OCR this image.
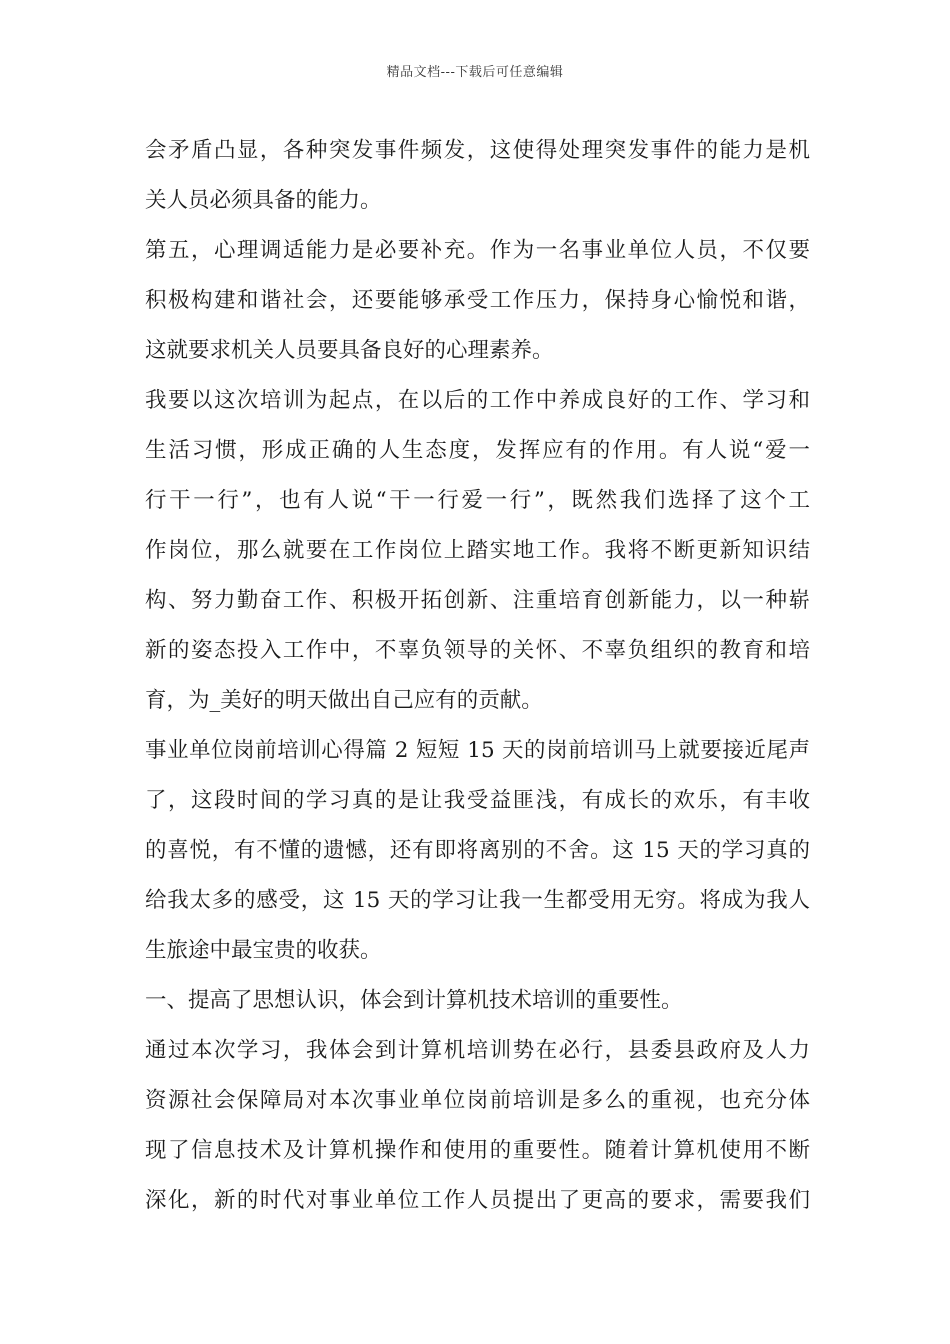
精品文档---下载后可任意编辑
会矛盾凸显，各种突发事件频发，这使得处理突发事件的能力是机
关人员必须具备的能力。
第五，心理调适能力是必要补充。作为一名事业单位人员，不仅要
积极构建和谐社会，还要能够承受工作压力，保持身心愉悦和谐，
这就要求机关人员要具备良好的心理素养。
我要以这次培训为起点，在以后的工作中养成良好的工作、学习和
生活习惯，形成正确的人生态度，发挥应有的作用。有人说“爱一
行干一行”，也有人说“干一行爱一行”，既然我们选择了这个工
作岗位，那么就要在工作岗位上踏实地工作。我将不断更新知识结
构、努力勤奋工作、积极开拓创新、注重培育创新能力，以一种崭
新的姿态投入工作中，不辜负领导的关怀、不辜负组织的教育和培
育，为_美好的明天做出自己应有的贡献。
事业单位岗前培训心得篇 2 短短 15 天的岗前培训马上就要接近尾声
了，这段时间的学习真的是让我受益匪浅，有成长的欢乐，有丰收
的喜悦，有不懂的遗憾，还有即将离别的不舍。这 15 天的学习真的
给我太多的感受，这 15 天的学习让我一生都受用无穷。将成为我人
生旅途中最宝贵的收获。
一、提高了思想认识，体会到计算机技术培训的重要性。
通过本次学习，我体会到计算机培训势在必行，县委县政府及人力
资源社会保障局对本次事业单位岗前培训是多么的重视，也充分体
现了信息技术及计算机操作和使用的重要性。随着计算机使用不断
深化，新的时代对事业单位工作人员提出了更高的要求，需要我们
